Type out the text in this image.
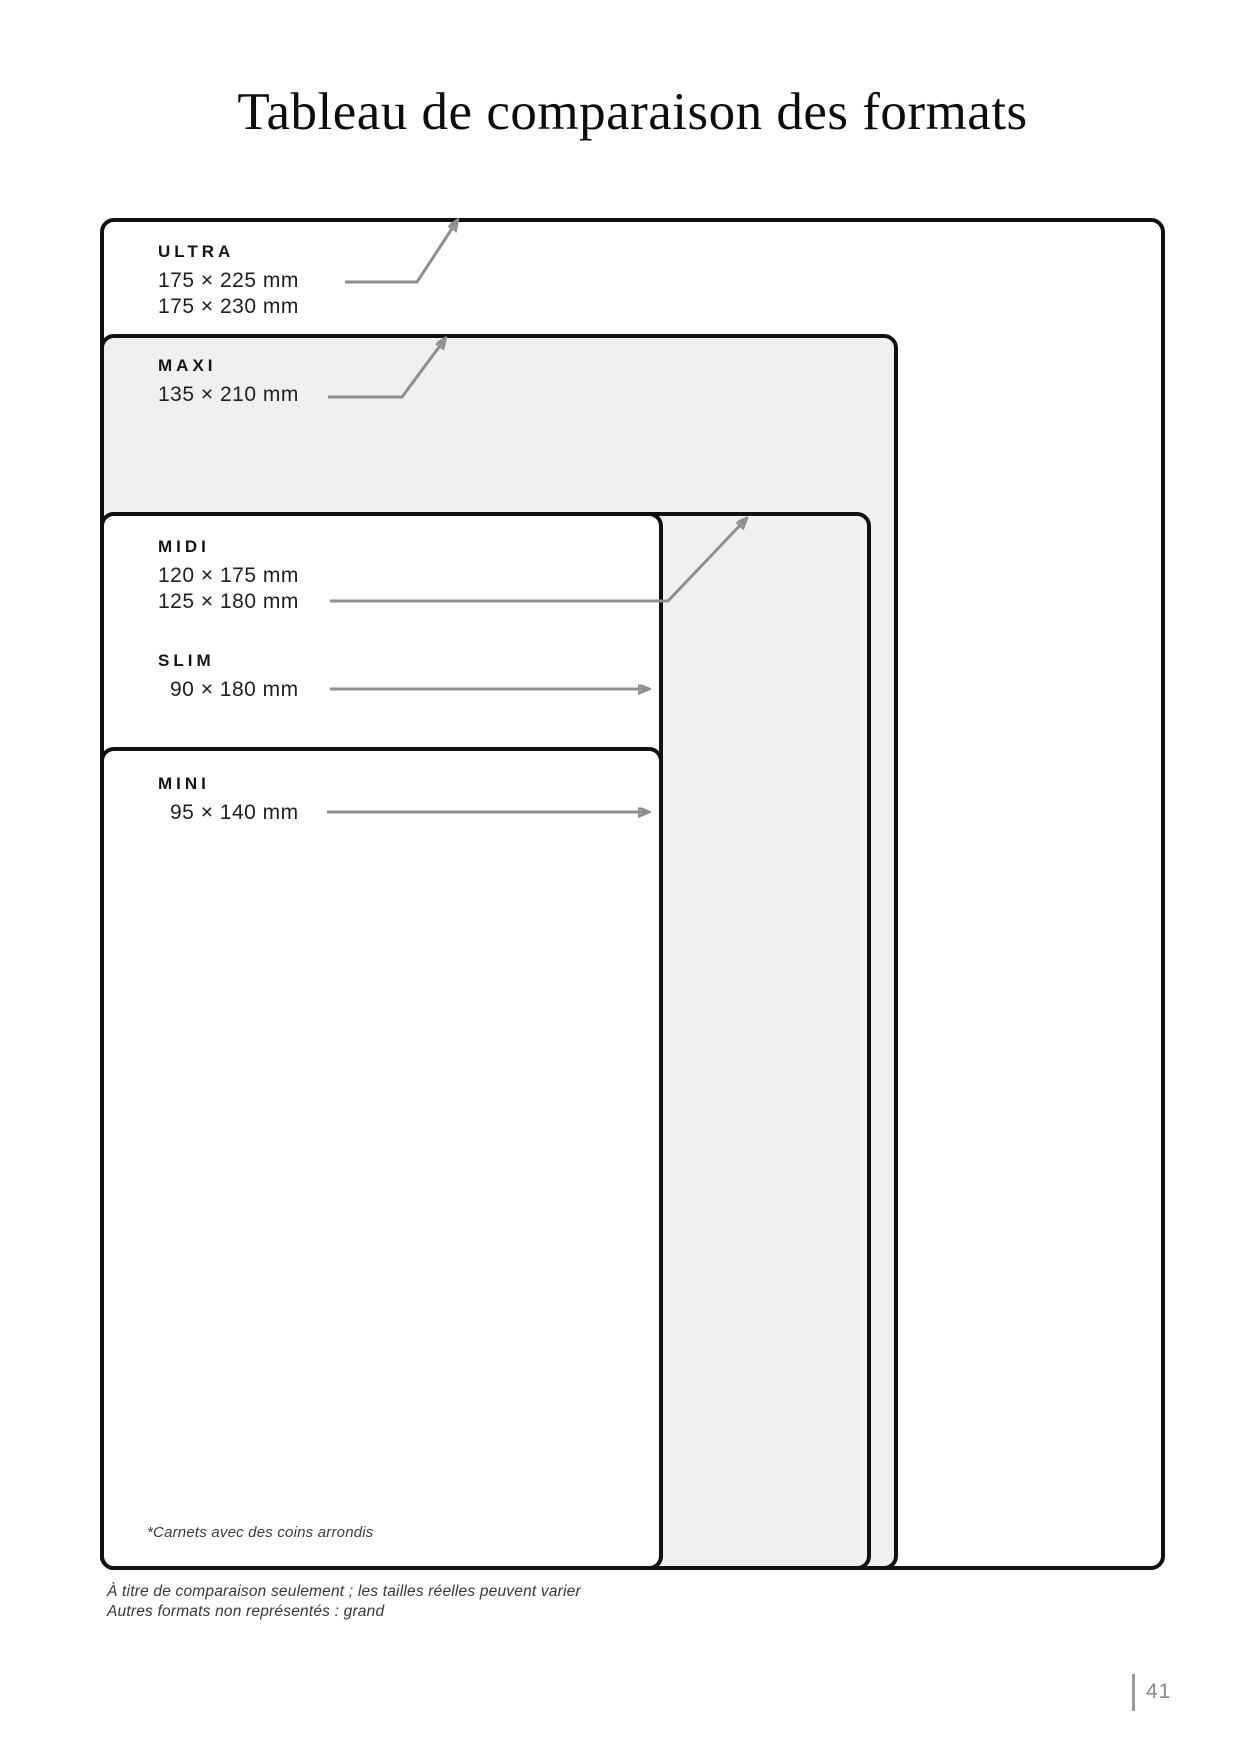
Tableau de comparaison des formats
ULTRA
175 × 225 mm
175 × 230 mm
MAXI
135 × 210 mm
MIDI
120 × 175 mm
125 × 180 mm
SLIM
90 × 180 mm
MINI
95 × 140 mm
*Carnets avec des coins arrondis
À titre de comparaison seulement ; les tailles réelles peuvent varier
Autres formats non représentés : grand
41
